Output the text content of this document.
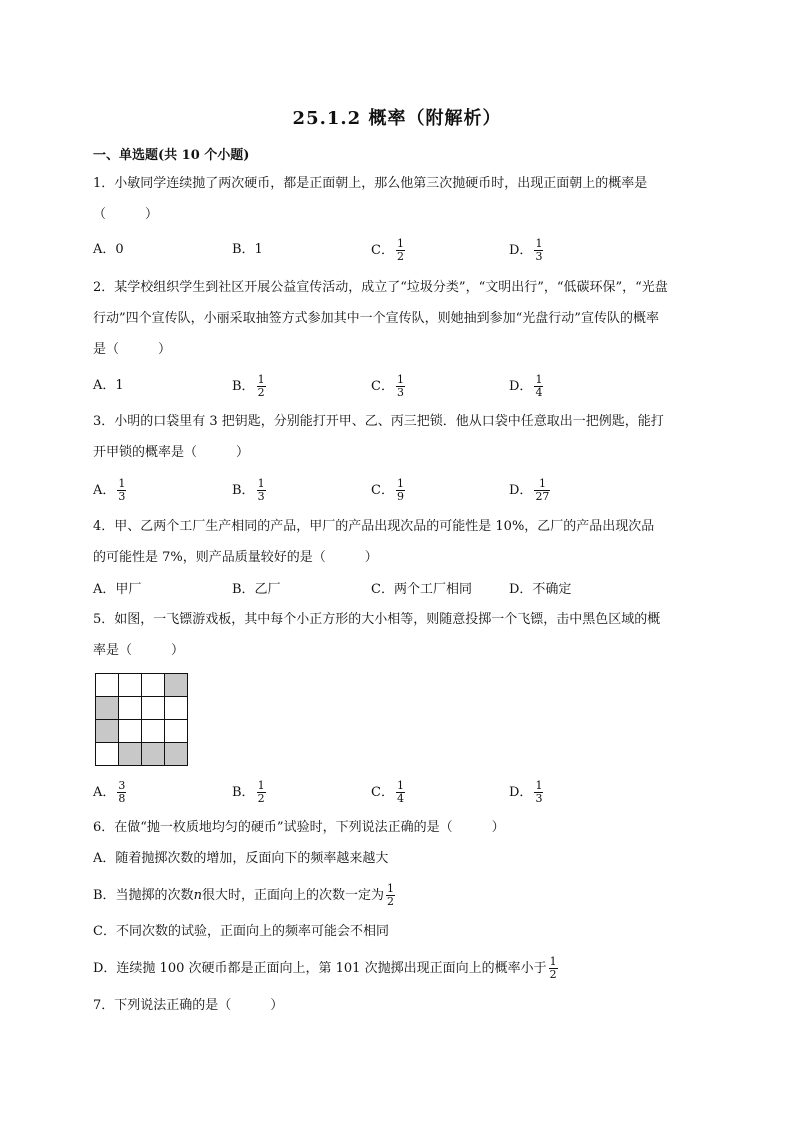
25.1.2 概率（附解析）
一、单选题(共 10 个小题)
1．小敏同学连续抛了两次硬币，都是正面朝上，那么他第三次抛硬币时，出现正面朝上的概率是
（　　　）
A．0	B．1	C． $\frac{1}{2}$	D． $\frac{1}{3}$
2．某学校组织学生到社区开展公益宣传活动，成立了“垃圾分类”，“文明出行”，“低碳环保”，“光盘
行动”四个宣传队，小丽采取抽签方式参加其中一个宣传队，则她抽到参加“光盘行动”宣传队的概率
是（　　　）
A．1	B． $\frac{1}{2}$	C． $\frac{1}{3}$	D． $\frac{1}{4}$
3．小明的口袋里有 3 把钥匙，分别能打开甲、乙、丙三把锁．他从口袋中任意取出一把例匙，能打
开甲锁的概率是（　　　）
A． $\frac{1}{3}$	B． $\frac{1}{3}$	C． $\frac{1}{9}$	D． $\frac{1}{27}$
4．甲、乙两个工厂生产相同的产品，甲厂的产品出现次品的可能性是 10%，乙厂的产品出现次品
的可能性是 7%，则产品质量较好的是（　　　）
A．甲厂	B．乙厂	C．两个工厂相同	D．不确定
5．如图，一飞镖游戏板，其中每个小正方形的大小相等，则随意投掷一个飞镖，击中黑色区域的概
率是（　　　）
A． $\frac{3}{8}$	B． $\frac{1}{2}$	C． $\frac{1}{4}$	D． $\frac{1}{3}$
6．在做“抛一枚质地均匀的硬币”试验时，下列说法正确的是（　　　）
A．随着抛掷次数的增加，反面向下的频率越来越大
B．当抛掷的次数n很大时，正面向上的次数一定为 $\frac{1}{2}$
C．不同次数的试验，正面向上的频率可能会不相同
D．连续抛 100 次硬币都是正面向上，第 101 次抛掷出现正面向上的概率小于 $\frac{1}{2}$
7．下列说法正确的是（　　　）
